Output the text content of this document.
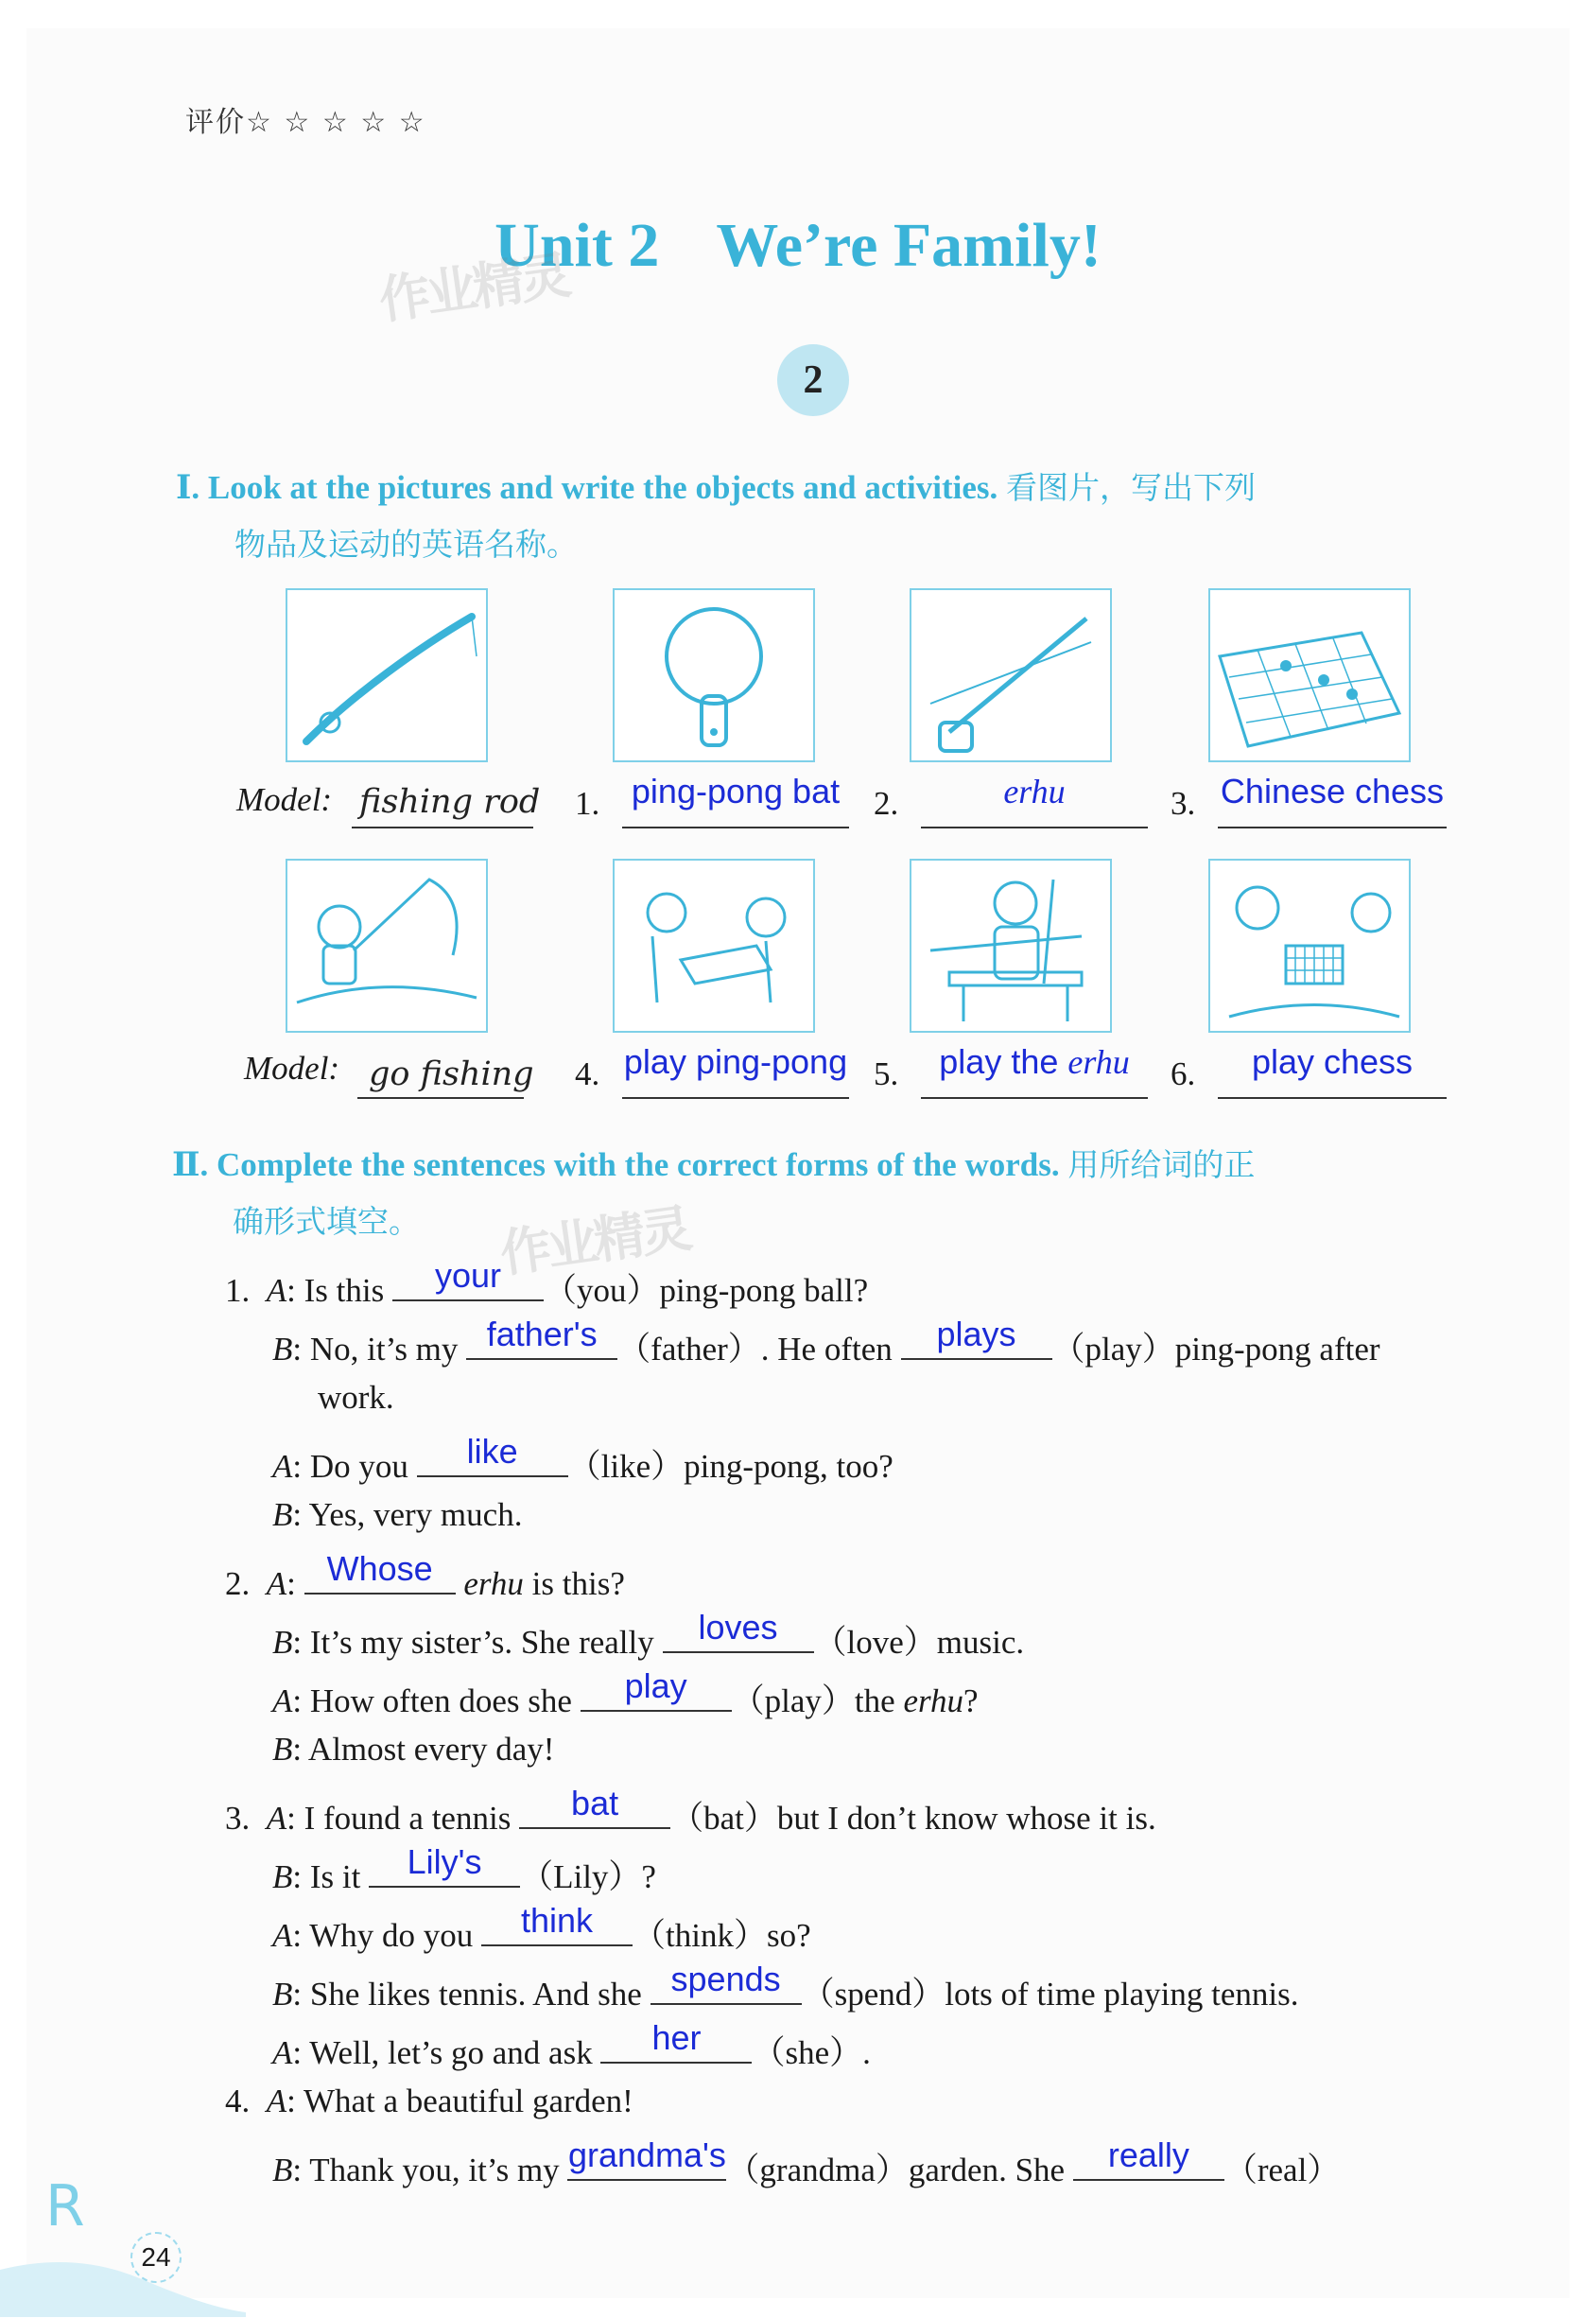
评价☆ ☆ ☆ ☆ ☆
Unit 2 We’re Family!
作业精灵
作业精灵
2
Ⅰ. Look at the pictures and write the objects and activities. 看图片，写出下列
物品及运动的英语名称。
Model: fishing rod 1. ping-pong bat 2.	erhu	3. Chinese chess
Model: go fishing 4. play ping-pong 5.	play the erhu	6.	play chess
Ⅱ. Complete the sentences with the correct forms of the words. 用所给词的正
确形式填空。
1. A: Is this	your	（you）ping-pong ball?
B: No, it’s my father's （father）. He often	plays	（play）ping-pong after
work.
A: Do you	like	（like）ping-pong, too?
B: Yes, very much.
2. A: Whose erhu is this?
B: It’s my sister’s. She really	loves	（love）music.
A: How often does she	play	（play）the erhu?
B: Almost every day!
3. A: I found a tennis	bat	（bat）but I don’t know whose it is.
B: Is it	Lily's	（Lily）?
A: Why do you	think	（think）so?
B: She likes tennis. And she spends （spend）lots of time playing tennis.
A: Well, let’s go and ask	her	（she）.
4. A: What a beautiful garden!
B: Thank you, it’s my grandma's （grandma）garden. She	really	（real）
R
24
